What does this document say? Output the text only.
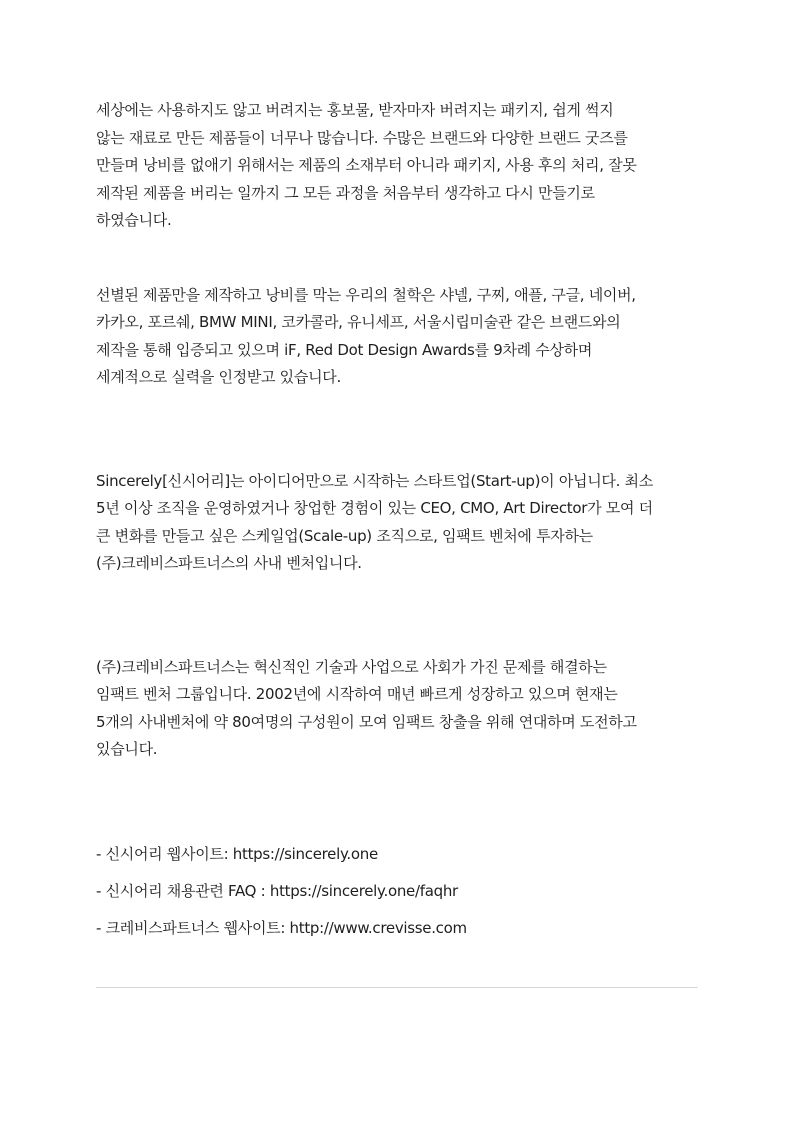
세상에는 사용하지도 않고 버려지는 홍보물, 받자마자 버려지는 패키지, 쉽게 썩지

않는 재료로 만든 제품들이 너무나 많습니다. 수많은 브랜드와 다양한 브랜드 굿즈를

만들며 낭비를 없애기 위해서는 제품의 소재부터 아니라 패키지, 사용 후의 처리, 잘못

제작된 제품을 버리는 일까지 그 모든 과정을 처음부터 생각하고 다시 만들기로

하였습니다.

선별된 제품만을 제작하고 낭비를 막는 우리의 철학은 샤넬, 구찌, 애플, 구글, 네이버,

카카오, 포르쉐, BMW MINI, 코카콜라, 유니세프, 서울시립미술관 같은 브랜드와의

제작을 통해 입증되고 있으며 iF, Red Dot Design Awards를 9차례 수상하며

세계적으로 실력을 인정받고 있습니다.

Sincerely[신시어리]는 아이디어만으로 시작하는 스타트업(Start-up)이 아닙니다. 최소

5년 이상 조직을 운영하였거나 창업한 경험이 있는 CEO, CMO, Art Director가 모여 더

큰 변화를 만들고 싶은 스케일업(Scale-up) 조직으로, 임팩트 벤처에 투자하는

(주)크레비스파트너스의 사내 벤처입니다.

(주)크레비스파트너스는 혁신적인 기술과 사업으로 사회가 가진 문제를 해결하는

임팩트 벤처 그룹입니다. 2002년에 시작하여 매년 빠르게 성장하고 있으며 현재는

5개의 사내벤처에 약 80여명의 구성원이 모여 임팩트 창출을 위해 연대하며 도전하고

있습니다.

- 신시어리 웹사이트: https://sincerely.one

- 신시어리 채용관련 FAQ : https://sincerely.one/faqhr

- 크레비스파트너스 웹사이트: http://www.crevisse.com
